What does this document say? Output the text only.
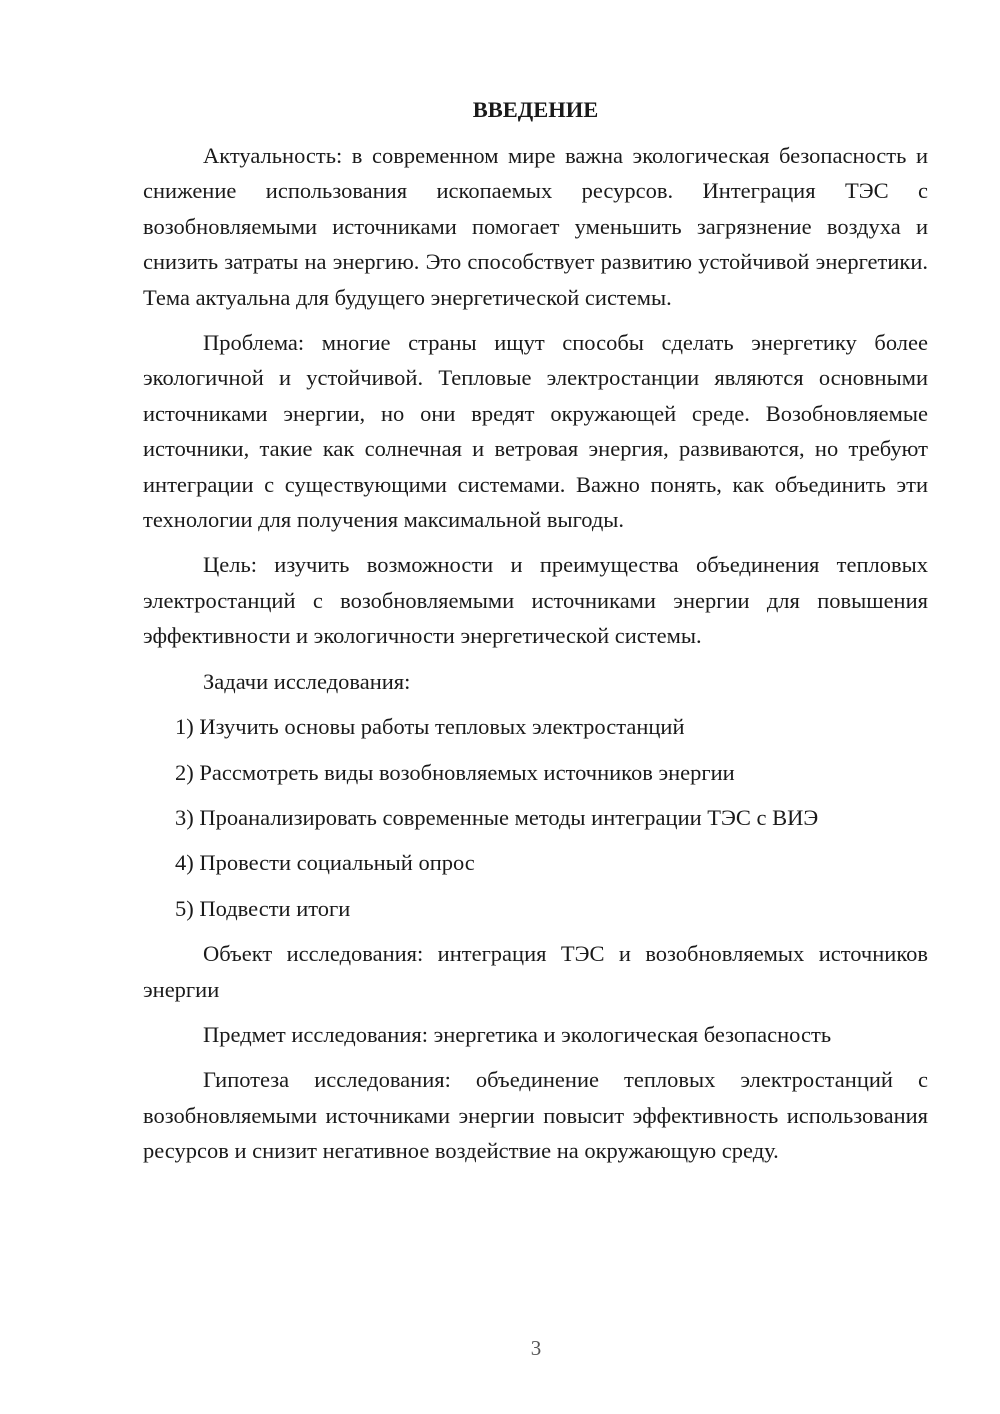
ВВЕДЕНИЕ

Актуальность: в современном мире важна экологическая безопасность и снижение использования ископаемых ресурсов. Интеграция ТЭС с возобновляемыми источниками помогает уменьшить загрязнение воздуха и снизить затраты на энергию. Это способствует развитию устойчивой энергетики. Тема актуальна для будущего энергетической системы.

Проблема: многие страны ищут способы сделать энергетику более экологичной и устойчивой. Тепловые электростанции являются основными источниками энергии, но они вредят окружающей среде. Возобновляемые источники, такие как солнечная и ветровая энергия, развиваются, но требуют интеграции с существующими системами. Важно понять, как объединить эти технологии для получения максимальной выгоды.

Цель: изучить возможности и преимущества объединения тепловых электростанций с возобновляемыми источниками энергии для повышения эффективности и экологичности энергетической системы.

Задачи исследования:

1) Изучить основы работы тепловых электростанций
2) Рассмотреть виды возобновляемых источников энергии
3) Проанализировать современные методы интеграции ТЭС с ВИЭ
4) Провести социальный опрос
5) Подвести итоги

Объект исследования: интеграция ТЭС и возобновляемых источников энергии

Предмет исследования: энергетика и экологическая безопасность

Гипотеза исследования: объединение тепловых электростанций с возобновляемыми источниками энергии повысит эффективность использования ресурсов и снизит негативное воздействие на окружающую среду.

3
